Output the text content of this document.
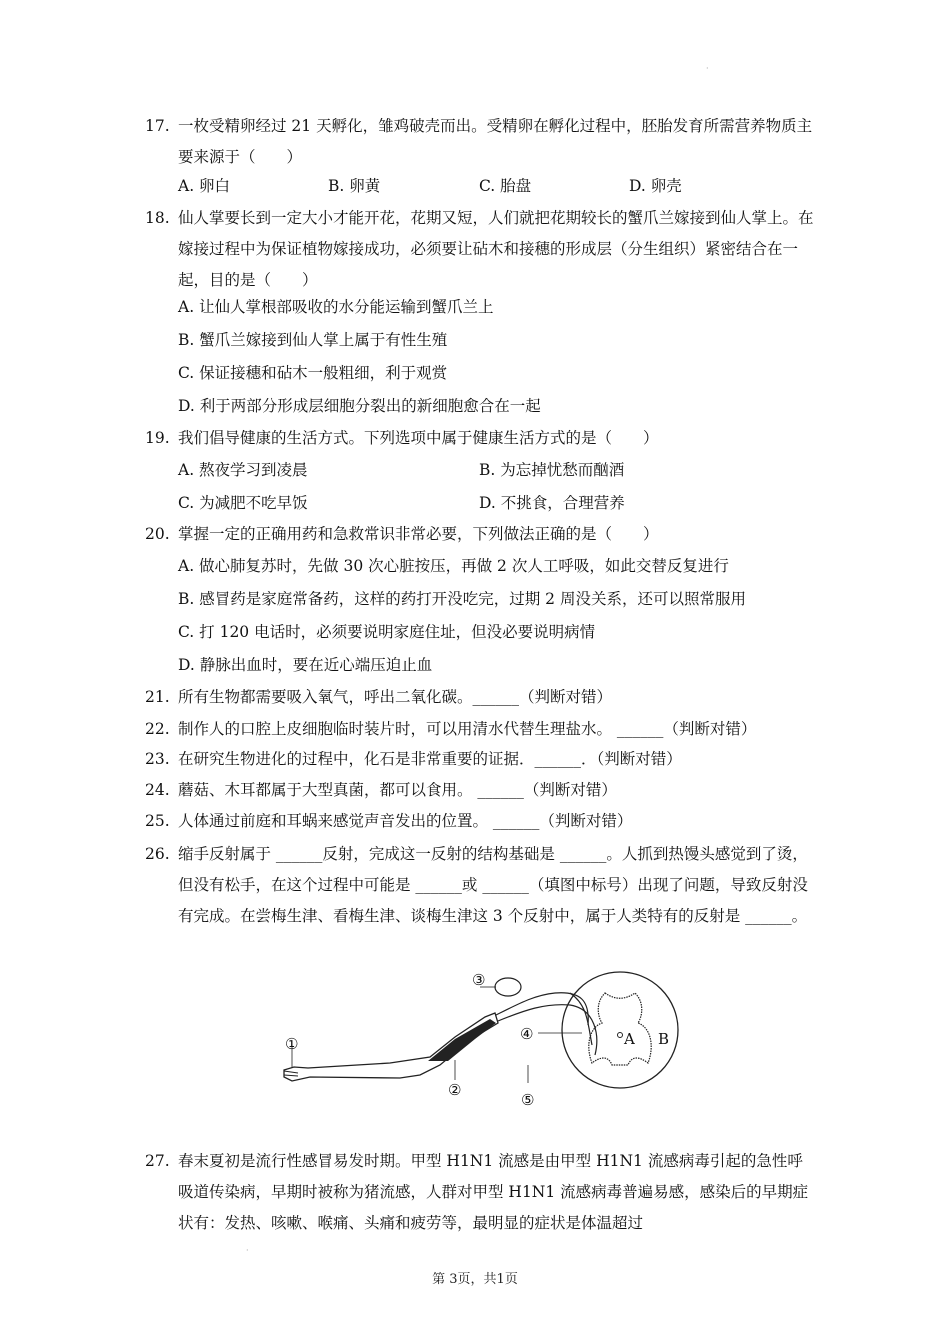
·
·
17. 一枚受精卵经过 21 天孵化，雏鸡破壳而出。受精卵在孵化过程中，胚胎发育所需营养物质主要来源于（　　）
A. 卵白	B. 卵黄	C. 胎盘	D. 卵壳
18. 仙人掌要长到一定大小才能开花，花期又短，人们就把花期较长的蟹爪兰嫁接到仙人掌上。在嫁接过程中为保证植物嫁接成功，必须要让砧木和接穗的形成层（分生组织）紧密结合在一起，目的是（　　）
A. 让仙人掌根部吸收的水分能运输到蟹爪兰上
B. 蟹爪兰嫁接到仙人掌上属于有性生殖
C. 保证接穗和砧木一般粗细，利于观赏
D. 利于两部分形成层细胞分裂出的新细胞愈合在一起
19. 我们倡导健康的生活方式。下列选项中属于健康生活方式的是（　　）
A. 熬夜学习到凌晨	B. 为忘掉忧愁而酗酒
C. 为减肥不吃早饭	D. 不挑食，合理营养
20. 掌握一定的正确用药和急救常识非常必要，下列做法正确的是（　　）
A. 做心肺复苏时，先做 30 次心脏按压，再做 2 次人工呼吸，如此交替反复进行
B. 感冒药是家庭常备药，这样的药打开没吃完，过期 2 周没关系，还可以照常服用
C. 打 120 电话时，必须要说明家庭住址，但没必要说明病情
D. 静脉出血时，要在近心端压迫止血
21. 所有生物都需要吸入氧气，呼出二氧化碳。______（判断对错）
22. 制作人的口腔上皮细胞临时装片时，可以用清水代替生理盐水。 ______（判断对错）
23. 在研究生物进化的过程中，化石是非常重要的证据．______．（判断对错）
24. 蘑菇、木耳都属于大型真菌，都可以食用。 ______（判断对错）
25. 人体通过前庭和耳蜗来感觉声音发出的位置。 ______（判断对错）
26. 缩手反射属于 ______反射，完成这一反射的结构基础是 ______。人抓到热馒头感觉到了烫，但没有松手，在这个过程中可能是 ______或 ______（填图中标号）出现了问题，导致反射没有完成。在尝梅生津、看梅生津、谈梅生津这 3 个反射中，属于人类特有的反射是 ______。
①
②
③
④
⑤
A B
27. 春末夏初是流行性感冒易发时期。甲型 H1N1 流感是由甲型 H1N1 流感病毒引起的急性呼吸道传染病，早期时被称为猪流感，人群对甲型 H1N1 流感病毒普遍易感，感染后的早期症状有：发热、咳嗽、喉痛、头痛和疲劳等，最明显的症状是体温超过
第 3页，共1页
